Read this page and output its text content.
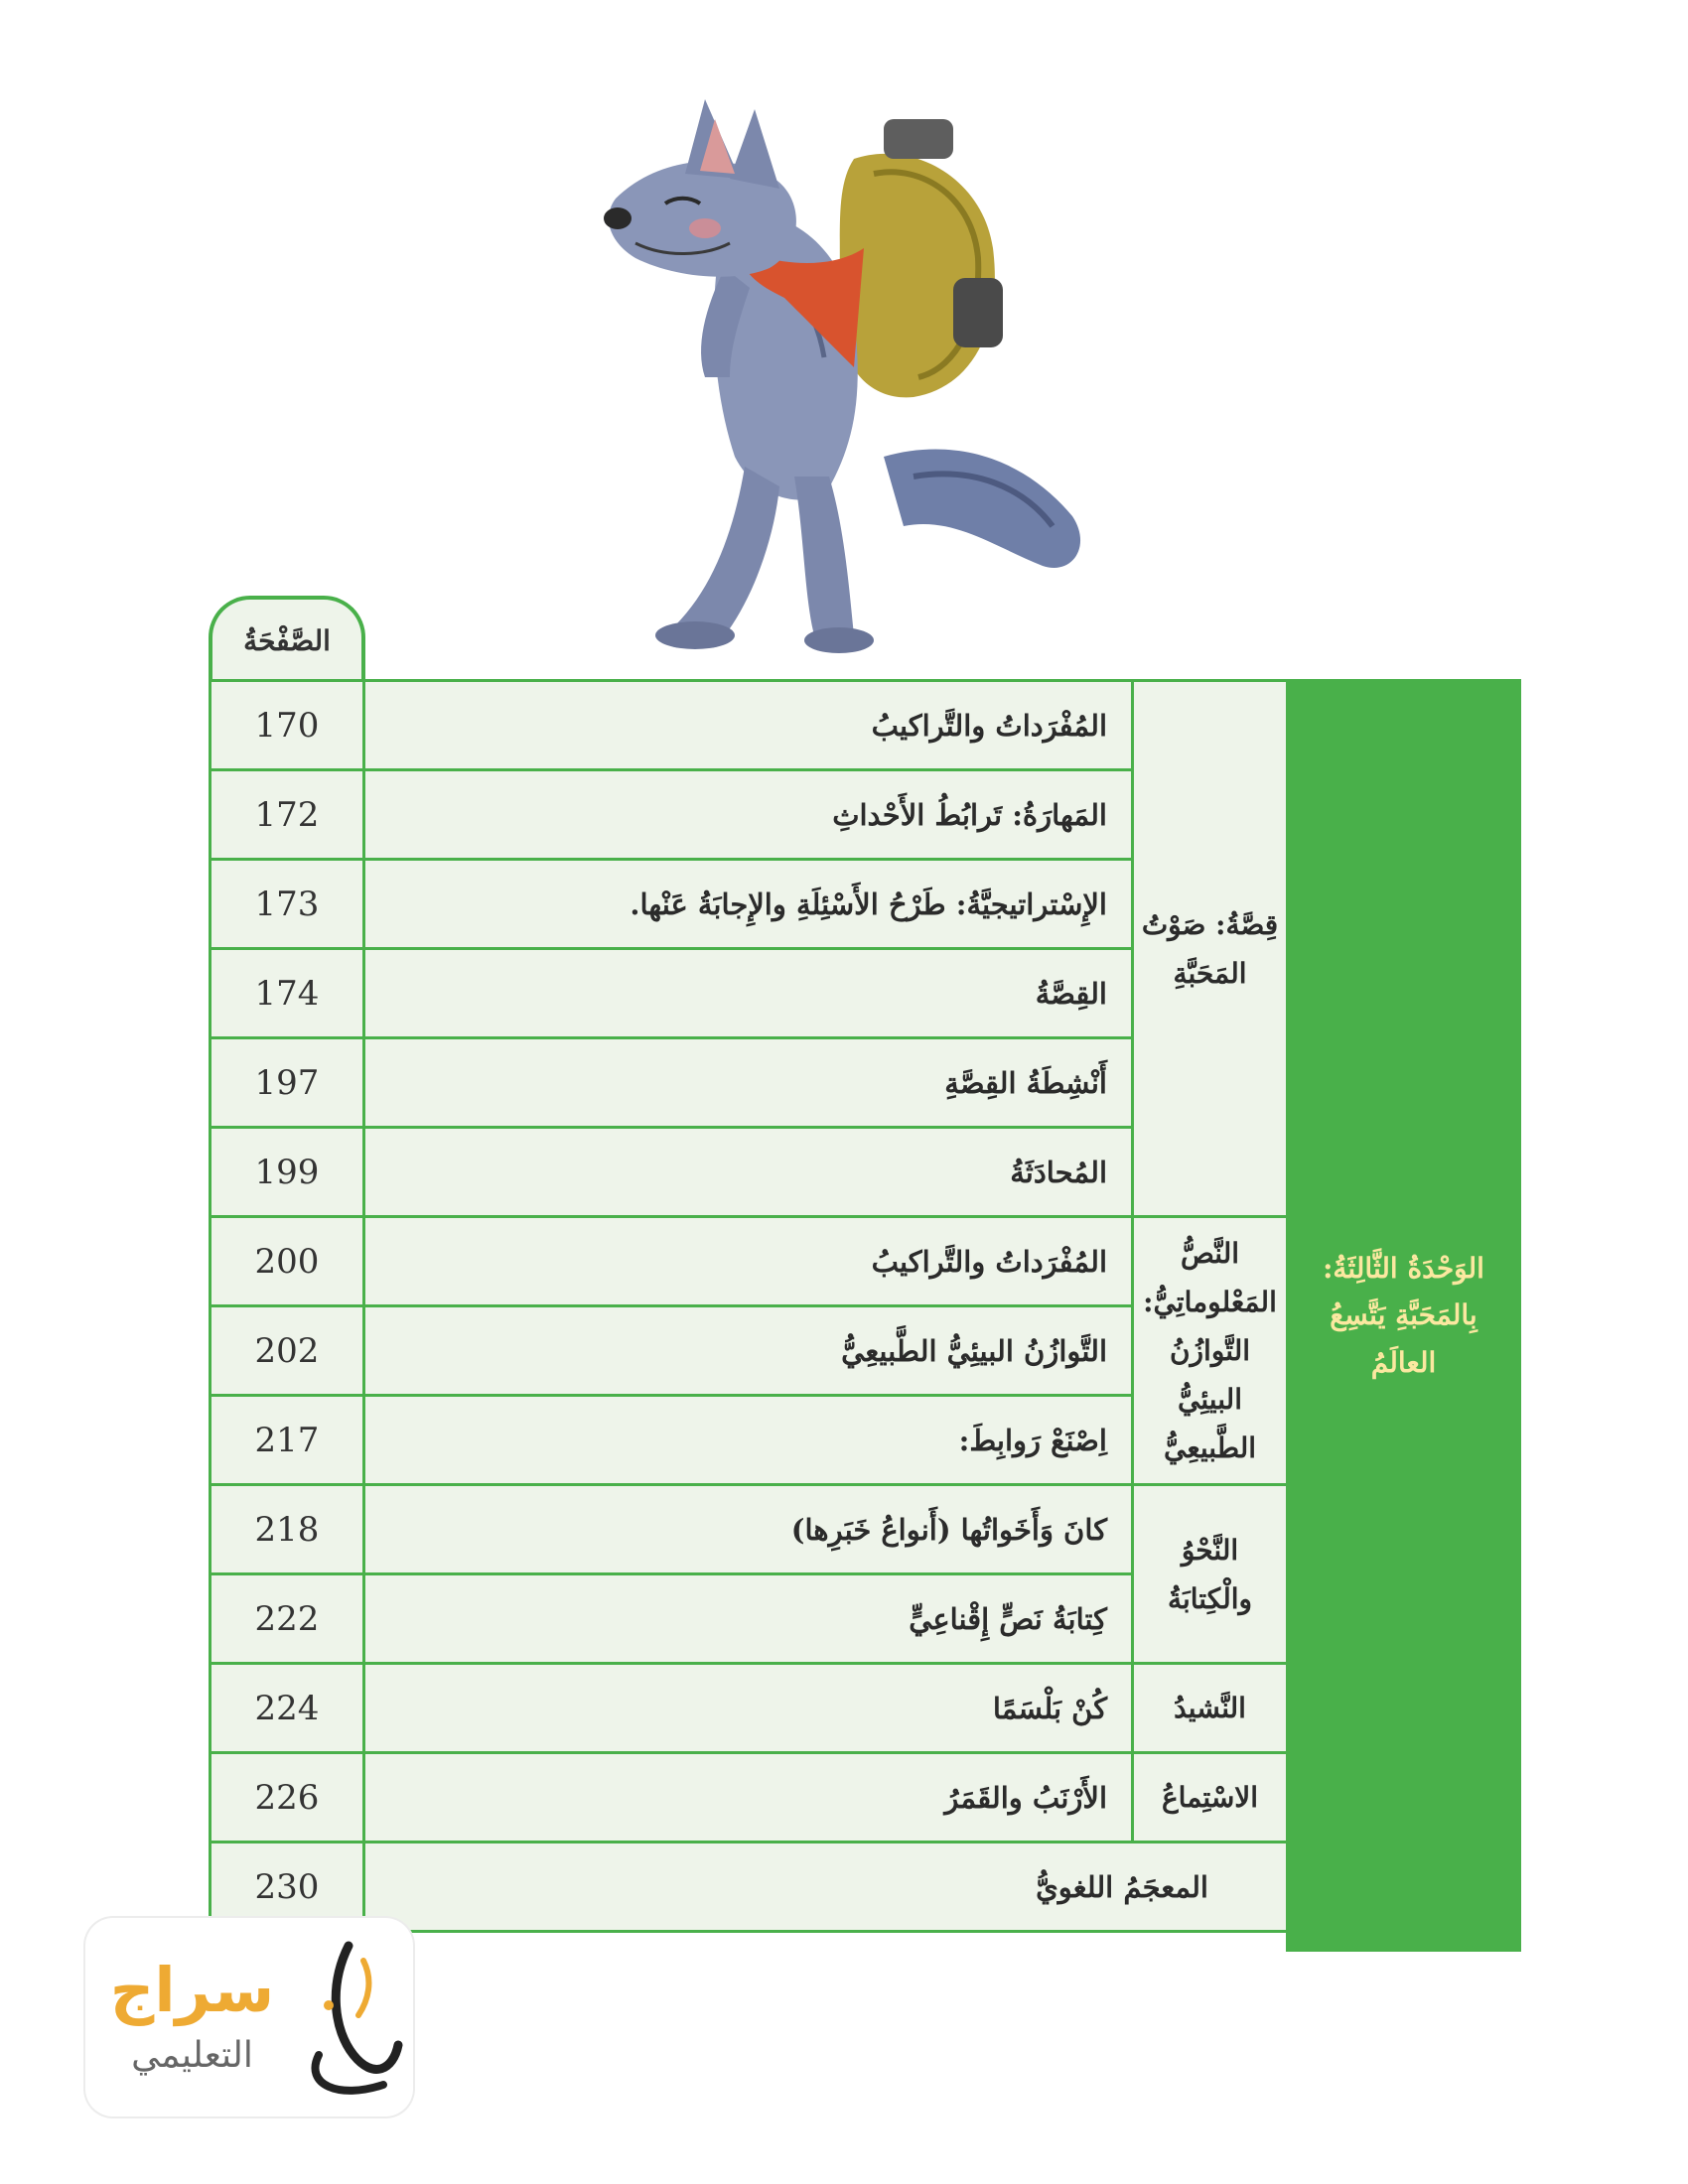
الصَّفْحَةُ
الوَحْدَةُ الثَّالِثَةُ: بِالمَحَبَّةِ يَتَّسِعُ العالَمُ
قِصَّةُ: صَوْتُ المَحَبَّةِ
النَّصُّ المَعْلوماتِيُّ: التَّوازُنُ البيئِيُّ الطَّبيعِيُّ
النَّحْوُ والْكِتابَةُ
النَّشيدُ
الاسْتِماعُ
المُفْرَداتُ والتَّراكيبُ
170
المَهارَةُ: تَرابُطُ الأَحْداثِ
172
الإِسْتراتيجيَّةُ: طَرْحُ الأَسْئِلَةِ والإِجابَةُ عَنْها.
173
القِصَّةُ
174
أَنْشِطَةُ القِصَّةِ
197
المُحادَثَةُ
199
المُفْرَداتُ والتَّراكيبُ
200
التَّوازُنُ البيئِيُّ الطَّبيعِيُّ
202
اِصْنَعْ رَوابِطَ:
217
كانَ وَأَخَواتُها (أَنواعُ خَبَرِها)
218
كِتابَةُ نَصٍّ إِقْناعِيٍّ
222
كُنْ بَلْسَمًا
224
الأَرْنَبُ والقَمَرُ
226
المعجَمُ اللغويُّ
230
سراج
التعليمي
